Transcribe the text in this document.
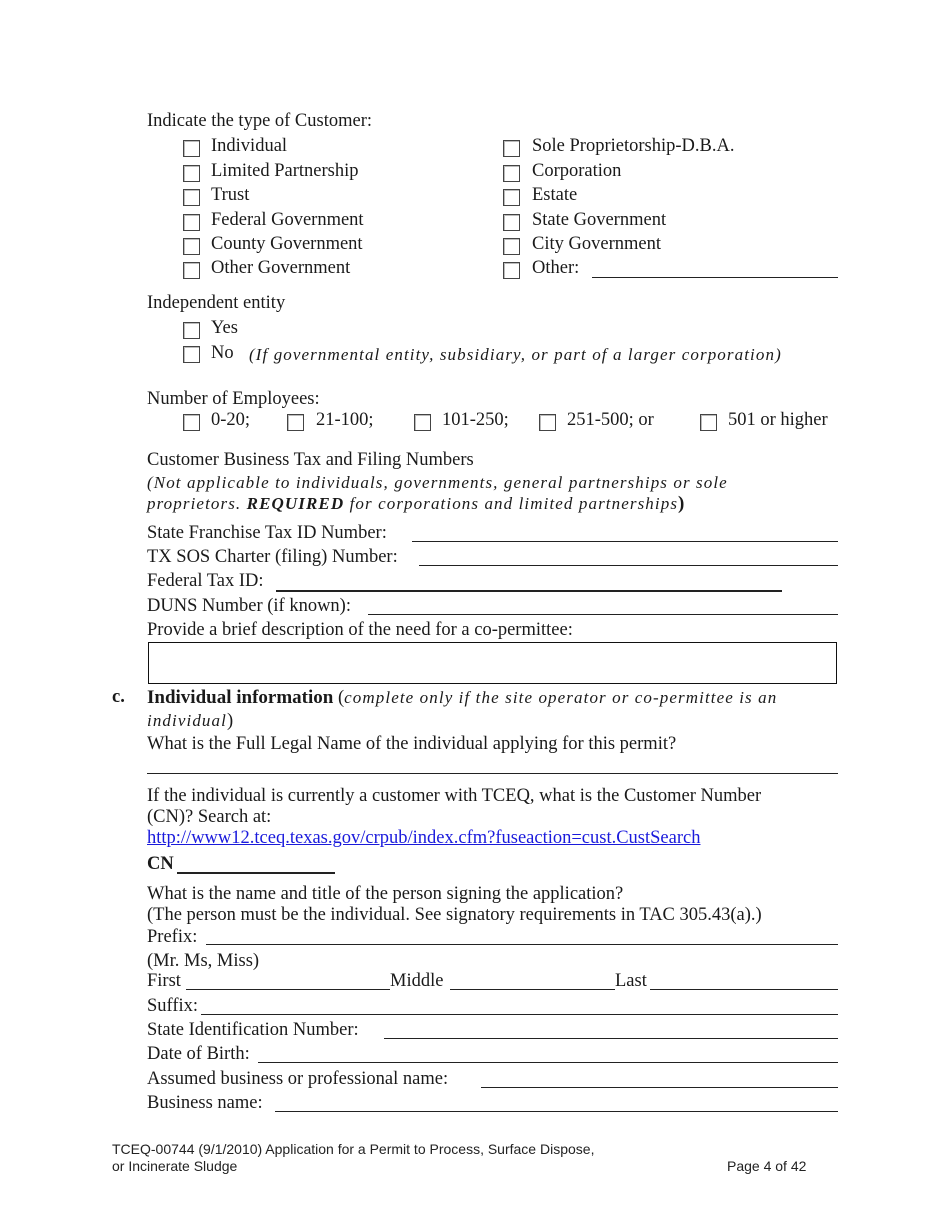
Indicate the type of Customer:
Individual
Limited Partnership
Trust
Federal Government
County Government
Other Government
Sole Proprietorship-D.B.A.
Corporation
Estate
State Government
City Government
Other:
Independent entity
Yes
No (If governmental entity, subsidiary, or part of a larger corporation)
Number of Employees:
0-20;	21-100;	101-250;	251-500; or	501 or higher
Customer Business Tax and Filing Numbers
(Not applicable to individuals, governments, general partnerships or sole
proprietors. REQUIRED for corporations and limited partnerships)
State Franchise Tax ID Number:
TX SOS Charter (filing) Number:
Federal Tax ID:
DUNS Number (if known):
Provide a brief description of the need for a co-permittee:
c. Individual information (complete only if the site operator or co-permittee is an
individual)
What is the Full Legal Name of the individual applying for this permit?
If the individual is currently a customer with TCEQ, what is the Customer Number
(CN)? Search at:
http://www12.tceq.texas.gov/crpub/index.cfm?fuseaction=cust.CustSearch
CN
What is the name and title of the person signing the application?
(The person must be the individual. See signatory requirements in TAC 305.43(a).)
Prefix:
(Mr. Ms, Miss)
First	Middle	Last
Suffix:
State Identification Number:
Date of Birth:
Assumed business or professional name:
Business name:
TCEQ-00744 (9/1/2010) Application for a Permit to Process, Surface Dispose,
or Incinerate Sludge	Page 4 of 42
